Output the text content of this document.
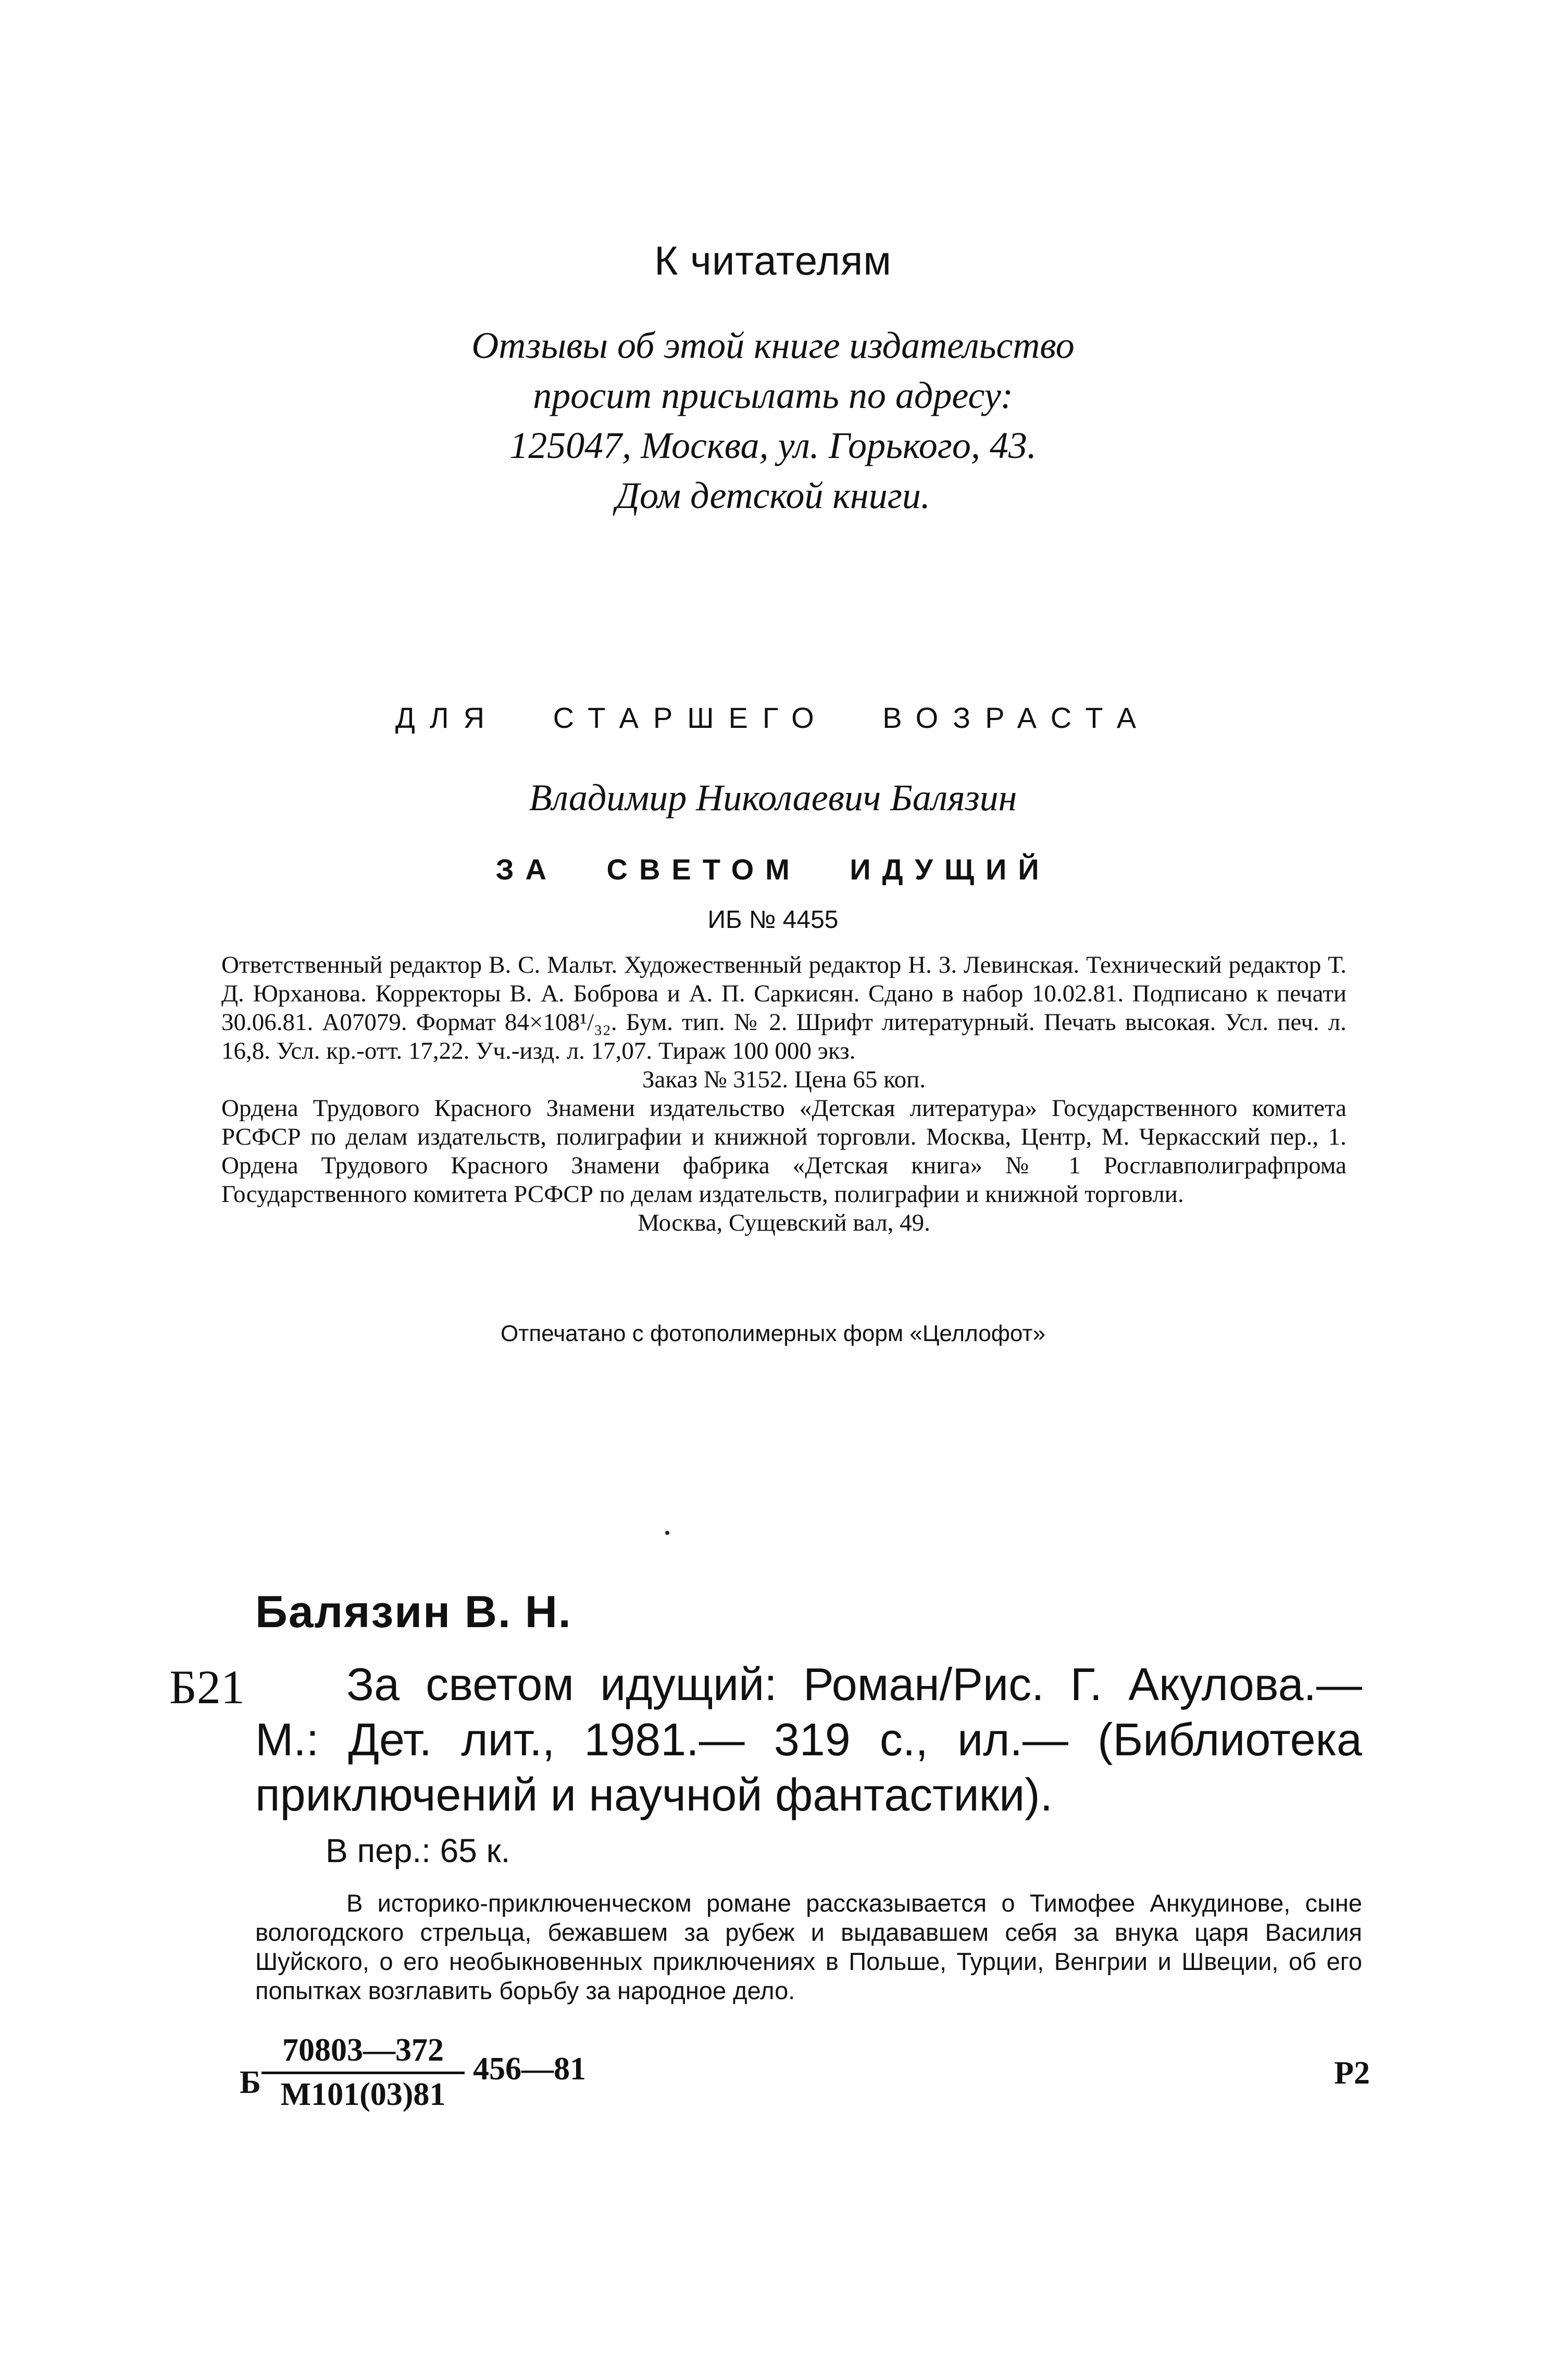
К читателям
Отзывы об этой книге издательство
просит присылать по адресу:
125047, Москва, ул. Горького, 43.
Дом детской книги.
ДЛЯ СТАРШЕГО ВОЗРАСТА
Владимир Николаевич Балязин
ЗА СВЕТОМ ИДУЩИЙ
ИБ № 4455

Ответственный редактор В. С. Мальт. Художественный редактор Н. З. Левинская. Технический редактор Т. Д. Юрханова. Корректоры В. А. Боброва и А. П. Саркисян. Сдано в набор 10.02.81. Подписано к печати 30.06.81. А07079. Формат 84×108¹/₃₂. Бум. тип. № 2. Шрифт литературный. Печать высокая. Усл. печ. л. 16,8. Усл. кр.-отт. 17,22. Уч.-изд. л. 17,07. Тираж 100 000 экз.

Заказ № 3152. Цена 65 коп.

Ордена Трудового Красного Знамени издательство «Детская литература» Государственного комитета РСФСР по делам издательств, полиграфии и книжной торговли. Москва, Центр, М. Черкасский пер., 1. Ордена Трудового Красного Знамени фабрика «Детская книга» № 1 Росглавполиграфпрома Государственного комитета РСФСР по делам издательств, полиграфии и книжной торговли.

Москва, Сущевский вал, 49.

Отпечатано с фотополимерных форм «Целлофот»
Балязин В. Н.
Б21	За светом идущий: Роман/Рис. Г. Акулова.— М.: Дет. лит., 1981.— 319 с., ил.— (Библиотека приключений и научной фантастики).
В пер.: 65 к.
В историко-приключенческом романе рассказывается о Тимофее Анкудинове, сыне вологодского стрельца, бежавшем за рубеж и выдававшем себя за внука царя Василия Шуйского, о его необыкновенных приключениях в Польше, Турции, Венгрии и Швеции, об его попытках возглавить борьбу за народное дело.
Б
70803—372
М101(03)81
456—81	Р2
